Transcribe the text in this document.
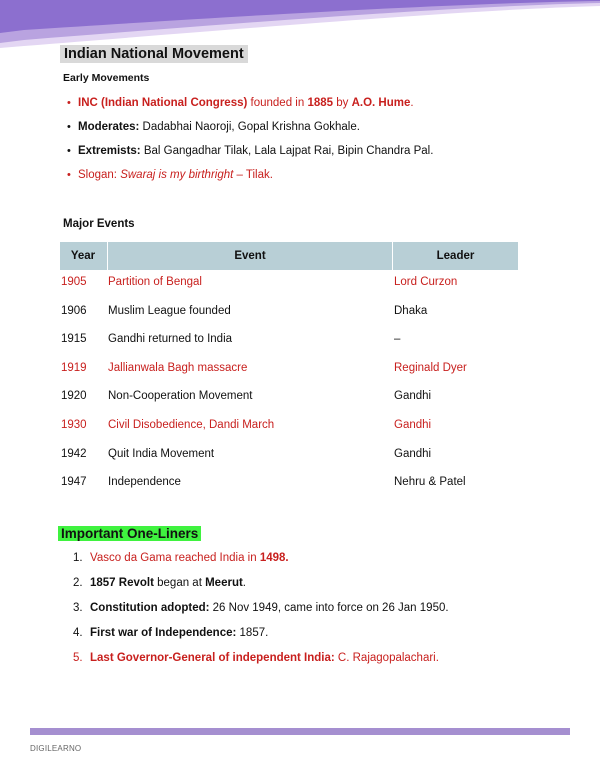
Indian National Movement
Early Movements
• INC (Indian National Congress) founded in 1885 by A.O. Hume.
• Moderates: Dadabhai Naoroji, Gopal Krishna Gokhale.
• Extremists: Bal Gangadhar Tilak, Lala Lajpat Rai, Bipin Chandra Pal.
• Slogan: Swaraj is my birthright – Tilak.
Major Events
Year	Event	Leader
1905 Partition of Bengal	Lord Curzon
1906 Muslim League founded	Dhaka
1915 Gandhi returned to India	–
1919 Jallianwala Bagh massacre	Reginald Dyer
1920 Non-Cooperation Movement	Gandhi
1930 Civil Disobedience, Dandi March	Gandhi
1942 Quit India Movement	Gandhi
1947 Independence	Nehru & Patel
Important One-Liners
1. Vasco da Gama reached India in 1498.
2. 1857 Revolt began at Meerut.
3. Constitution adopted: 26 Nov 1949, came into force on 26 Jan 1950.
4. First war of Independence: 1857.
5. Last Governor-General of independent India: C. Rajagopalachari.
DIGILEARNO
